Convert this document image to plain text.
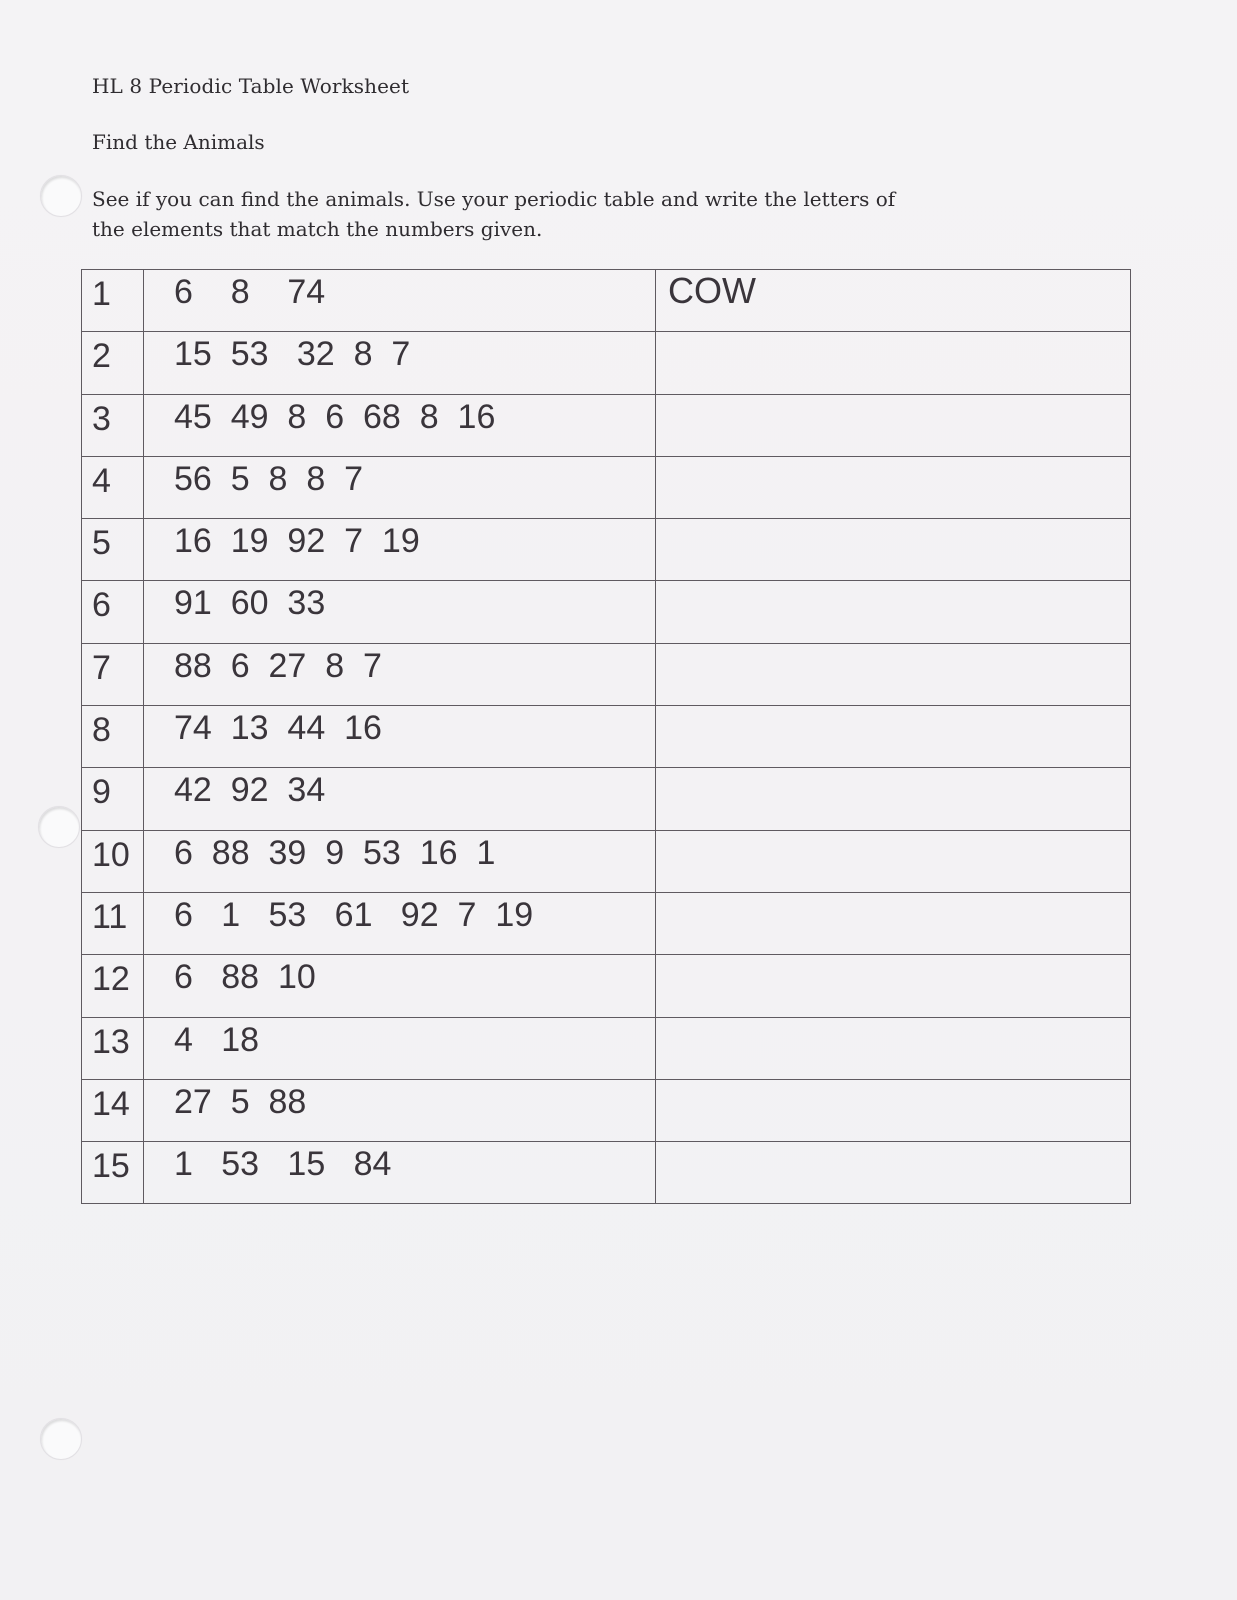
HL 8 Periodic Table Worksheet
Find the Animals
See if you can find the animals. Use your periodic table and write the letters of the elements that match the numbers given.
1	6    8    74	COW

2	15  53   32  8  7	

3	45  49  8  6  68  8  16	

4	56  5  8  8  7	

5	16  19  92  7  19	

6	91  60  33	

7	88  6  27  8  7	

8	74  13  44  16	

9	42  92  34	

10	6  88  39  9  53  16  1	

11	6   1   53   61   92  7  19	

12	6   88  10	

13	4   18	

14	27  5  88	

15	1   53   15   84	
